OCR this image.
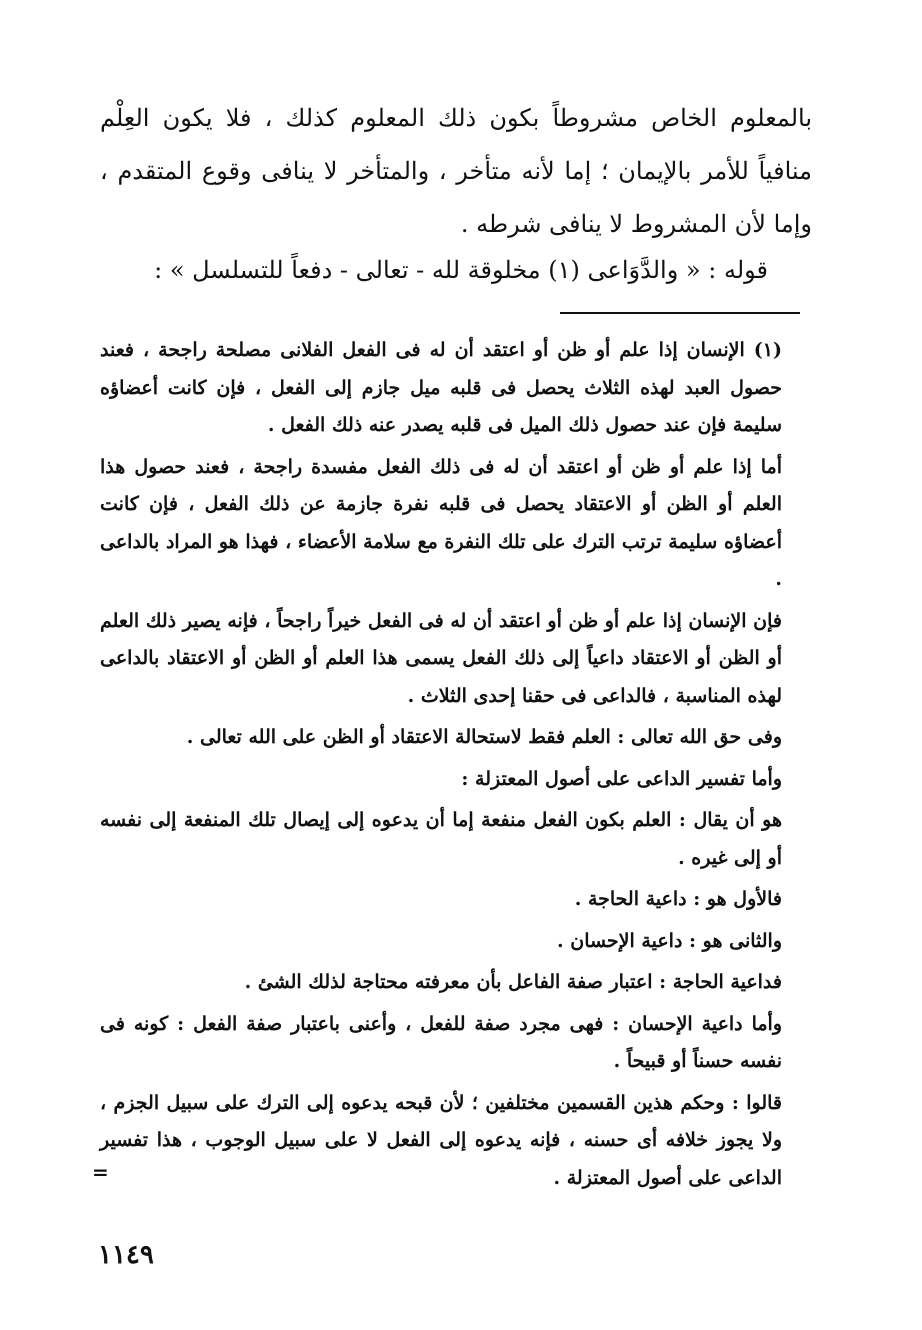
بالمعلوم الخاص مشروطاً بكون ذلك المعلوم كذلك ، فلا يكون العِلْم منافياً للأمر بالإيمان ؛ إما لأنه متأخر ، والمتأخر لا ينافى وقوع المتقدم ، وإما لأن المشروط لا ينافى شرطه .

قوله : « والدَّوَاعى (١) مخلوقة لله - تعالى - دفعاً للتسلسل » :

(١) الإنسان إذا علم أو ظن أو اعتقد أن له فى الفعل الفلانى مصلحة راجحة ، فعند حصول العبد لهذه الثلاث يحصل فى قلبه ميل جازم إلى الفعل ، فإن كانت أعضاؤه سليمة فإن عند حصول ذلك الميل فى قلبه يصدر عنه ذلك الفعل .

أما إذا علم أو ظن أو اعتقد أن له فى ذلك الفعل مفسدة راجحة ، فعند حصول هذا العلم أو الظن أو الاعتقاد يحصل فى قلبه نفرة جازمة عن ذلك الفعل ، فإن كانت أعضاؤه سليمة ترتب الترك على تلك النفرة مع سلامة الأعضاء ، فهذا هو المراد بالداعى .

فإن الإنسان إذا علم أو ظن أو اعتقد أن له فى الفعل خيراً راجحاً ، فإنه يصير ذلك العلم أو الظن أو الاعتقاد داعياً إلى ذلك الفعل يسمى هذا العلم أو الظن أو الاعتقاد بالداعى لهذه المناسبة ، فالداعى فى حقنا إحدى الثلاث .

وفى حق الله تعالى : العلم فقط لاستحالة الاعتقاد أو الظن على الله تعالى .

وأما تفسير الداعى على أصول المعتزلة :

هو أن يقال : العلم بكون الفعل منفعة إما أن يدعوه إلى إيصال تلك المنفعة إلى نفسه أو إلى غيره .

فالأول هو : داعية الحاجة .

والثانى هو : داعية الإحسان .

فداعية الحاجة : اعتبار صفة الفاعل بأن معرفته محتاجة لذلك الشئ .

وأما داعية الإحسان : فهى مجرد صفة للفعل ، وأعنى باعتبار صفة الفعل : كونه فى نفسه حسناً أو قبيحاً .

قالوا : وحكم هذين القسمين مختلفين ؛ لأن قبحه يدعوه إلى الترك على سبيل الجزم ، ولا يجوز خلافه أى حسنه ، فإنه يدعوه إلى الفعل لا على سبيل الوجوب ، هذا تفسير الداعى على أصول المعتزلة .

=
١١٤٩
